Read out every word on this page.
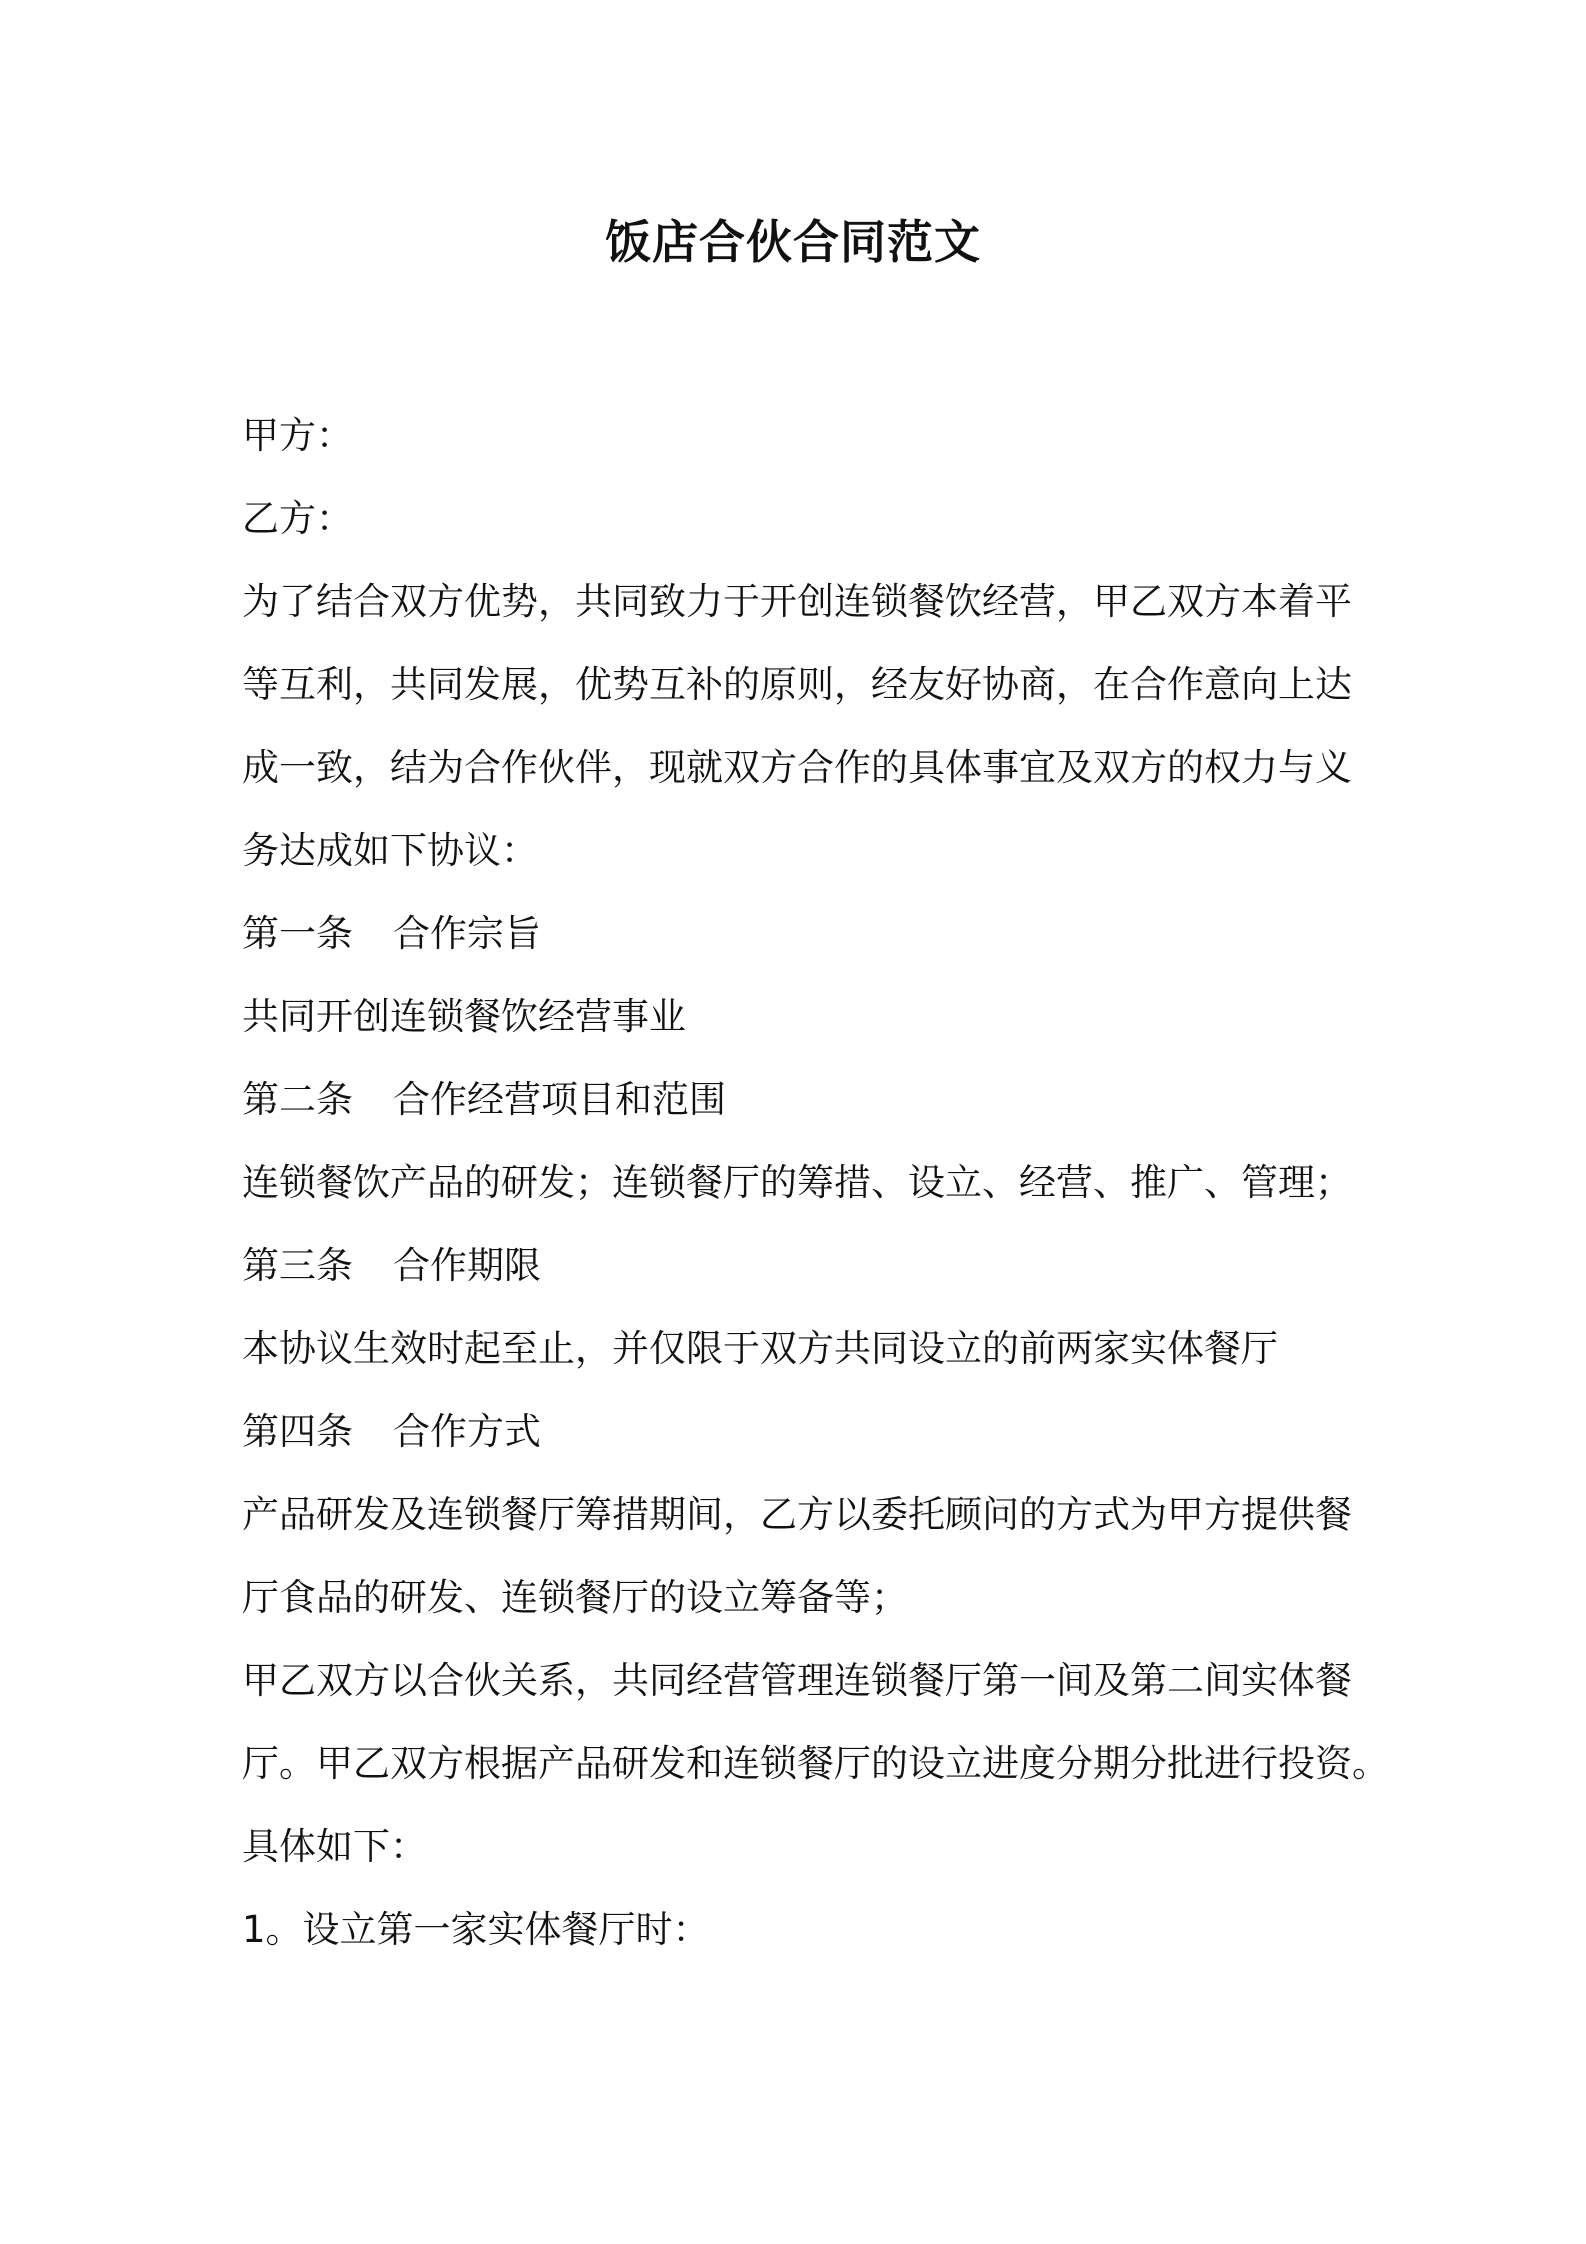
饭店合伙合同范文

甲方：

乙方：

为了结合双方优势，共同致力于开创连锁餐饮经营，甲乙双方本着平

等互利，共同发展，优势互补的原则，经友好协商，在合作意向上达

成一致，结为合作伙伴，现就双方合作的具体事宜及双方的权力与义

务达成如下协议：

第一条 合作宗旨

共同开创连锁餐饮经营事业

第二条 合作经营项目和范围

连锁餐饮产品的研发；连锁餐厅的筹措、设立、经营、推广、管理；

第三条 合作期限

本协议生效时起至止，并仅限于双方共同设立的前两家实体餐厅

第四条 合作方式

产品研发及连锁餐厅筹措期间，乙方以委托顾问的方式为甲方提供餐

厅食品的研发、连锁餐厅的设立筹备等；

甲乙双方以合伙关系，共同经营管理连锁餐厅第一间及第二间实体餐

厅。甲乙双方根据产品研发和连锁餐厅的设立进度分期分批进行投资。

具体如下：

1。设立第一家实体餐厅时：
